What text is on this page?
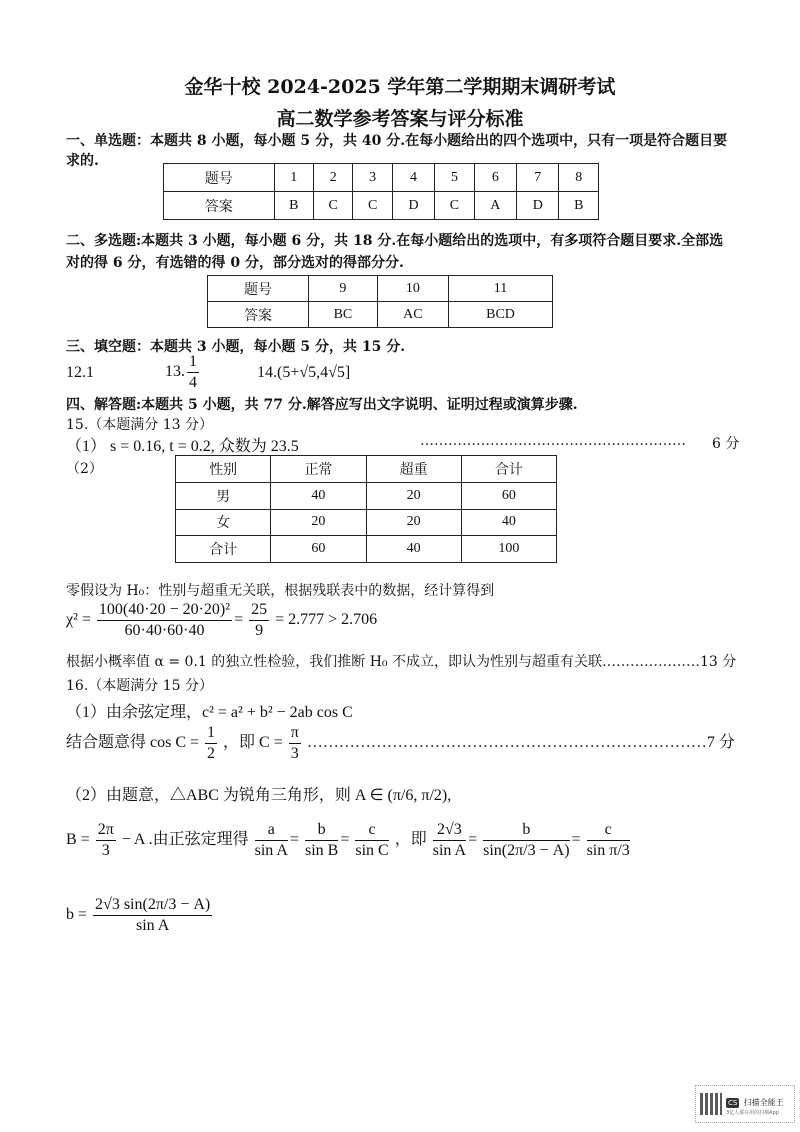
金华十校 2024-2025 学年第二学期期末调研考试
高二数学参考答案与评分标准
一、单选题：本题共 8 小题，每小题 5 分，共 40 分.在每小题给出的四个选项中，只有一项是符合题目要
求的.
题号	1	2	3	4	5	6	7	8
答案	B	C	C	D	C	A	D	B
二、多选题:本题共 3 小题，每小题 6 分，共 18 分.在每小题给出的选项中，有多项符合题目要求.全部选
对的得 6 分，有选错的得 0 分，部分选对的得部分分.
题号	9	10	11
答案	BC	AC	BCD
三、填空题：本题共 3 小题，每小题 5 分，共 15 分.
12.1	13. $\frac{1}{4}$	14.(5+√5,4√5]
四、解答题:本题共 5 小题，共 77 分.解答应写出文字说明、证明过程或演算步骤.
15.（本题满分 13 分）
（1） s = 0.16, t = 0.2, 众数为 23.5	………………………………………………… 6 分
（2）	性别	正常	超重	合计
男	40	20	60
女	20	20	40
合计	60	40	100
零假设为 H₀：性别与超重无关联，根据残联表中的数据，经计算得到
$\chi^2 = \frac{\text{100(40·20 − 20·20)²}}{60\cdot 40\cdot 60\cdot 40} = \frac{25}{9} = 2.777 > 2.706$
根据小概率值 α = 0.1 的独立性检验，我们推断 H₀ 不成立，即认为性别与超重有关联…………………13 分
16.（本题满分 15 分）
（1）由余弦定理，c² = a² + b² − 2ab cos C
结合题意得 $\cos C = \frac{1}{2}$ ，即 $C = \frac{\pi}{3}$ …………………………………………………………………7 分
（2）由题意，△ABC 为锐角三角形，则 A ∈ (π/6, π/2),
$B = \frac{2\pi}{3} - A$ .由正弦定理得 $\frac{a}{\text{sin A}} = \frac{b}{\text{sin B}} = \frac{c}{\text{sin C}}$ ，即 $\frac{2√3}{\text{sin A}} = \frac{b}{\sin(2\pi/3 - A)} = \frac{c}{\text{sin π/3}}$
$b = \frac{2√3 \sin(2\pi/3 - A)}{\text{sin A}}$
CS 扫描全能王
3亿人都在用的扫描App
